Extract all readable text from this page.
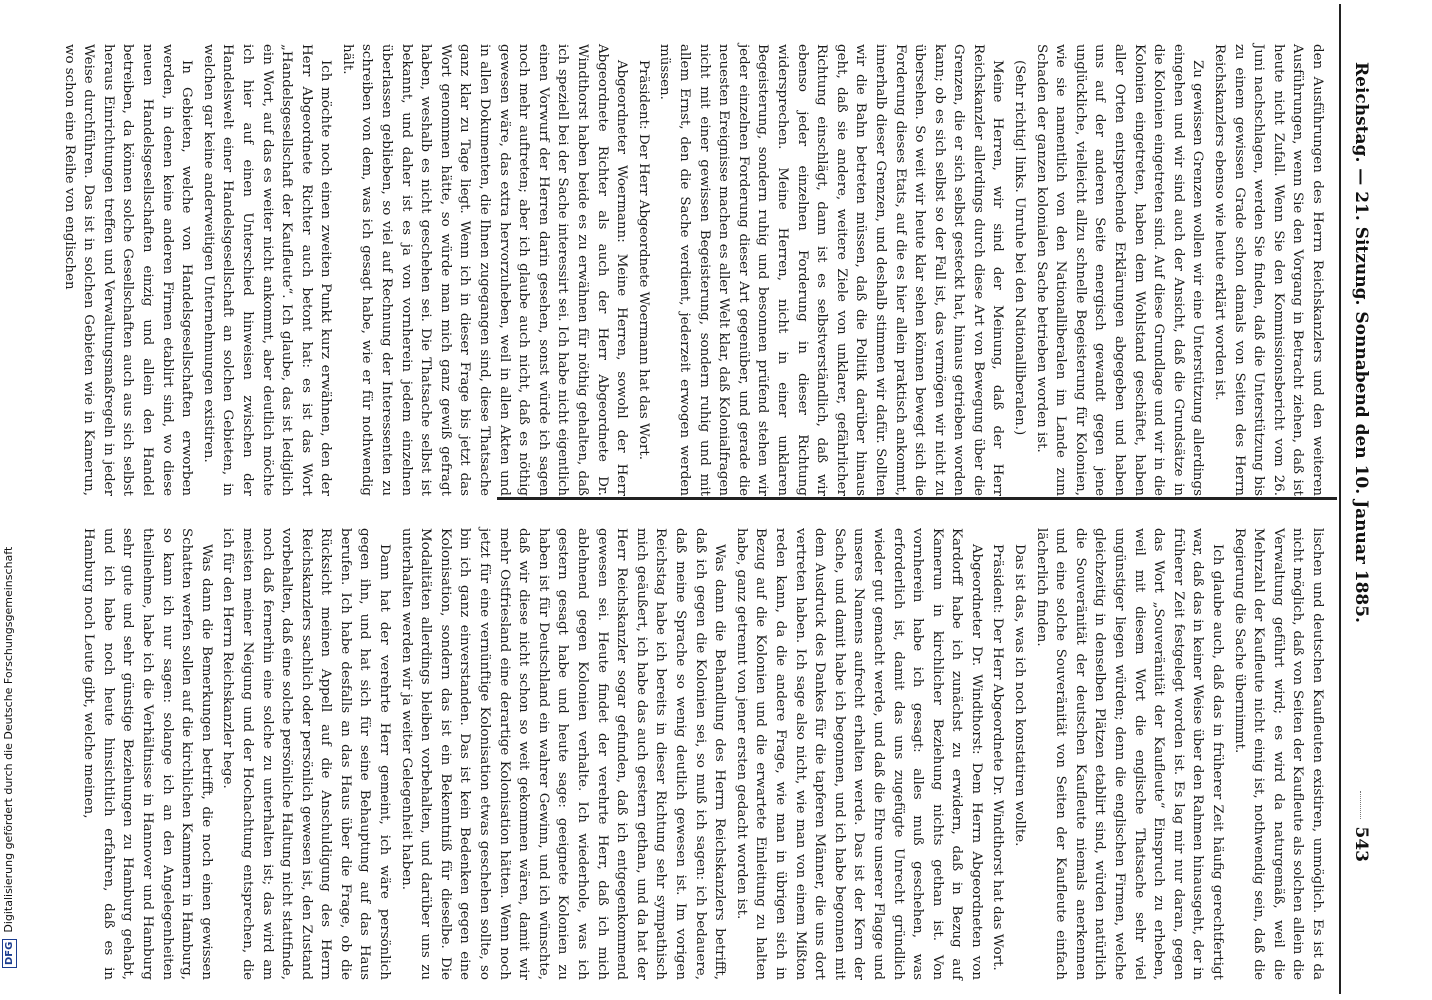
Reichstag. — 21. Sitzung. Sonnabend den 10. Januar 1885.
543

den Ausführungen des Herrn Reichskanzlers und den weiteren Ausführungen, wenn Sie den Vorgang in Betracht ziehen, daß ist heute nicht Zufall. Wenn Sie den Kommissionsbericht vom 26. Juni nachschlagen, werden Sie finden, daß die Unterstützung bis zu einem gewissen Grade schon damals von Seiten des Herrn Reichskanzlers ebenso wie heute erklärt worden ist.

Zu gewissen Grenzen wollen wir eine Unterstützung allerdings eingehen und wir sind auch der Ansicht, daß die Grundsätze in die Kolonien eingetreten sind. Auf diese Grundlage und wir in die Kolonien eingetreten, haben dem Wohlstand geschäftet, haben aller Orten entsprechende Erklärungen abgegeben und haben uns auf der anderen Seite energisch gewandt gegen jene unglückliche, vielleicht allzu schnelle Begeisterung für Kolonien, wie sie namentlich von den Nationalliberalen im Lande zum Schaden der ganzen kolonialen Sache betrieben worden ist.

(Sehr richtig! links. Unruhe bei den Nationalliberalen.)

Meine Herren, wir sind der Meinung, daß der Herr Reichskanzler allerdings durch diese Art von Bewegung über die Grenzen, die er sich selbst gesteckt hat, hinaus getrieben worden kann; ob es sich selbst so der Fall ist, das vermögen wir nicht zu übersehen. So weit wir heute klar sehen können bewegt sich die Forderung dieses Etats, auf die es hier allein praktisch ankommt, innerhalb dieser Grenzen, und deshalb stimmen wir dafür. Sollten wir die Bahn betreten müssen, daß die Politik darüber hinaus geht, daß sie andere, weitere Ziele von unklarer, gefährlicher Richtung einschlägt, dann ist es selbstverständlich, daß wir ebenso jeder einzelnen Forderung in dieser Richtung widersprechen. Meine Herren, nicht in einer unklaren Begeisterung, sondern ruhig und besonnen prüfend stehen wir jeder einzelnen Forderung dieser Art gegenüber, und gerade die neuesten Ereignisse machen es aller Welt klar, daß Kolonialfragen nicht mit einer gewissen Begeisterung, sondern ruhig und mit allem Ernst, den die Sache verdient, jederzeit erwogen werden müssen.

Präsident: Der Herr Abgeordnete Woermann hat das Wort.

Abgeordneter Woermann: Meine Herren, sowohl der Herr Abgeordnete Richter als auch der Herr Abgeordnete Dr. Windthorst haben beide es zu erwähnen für nöthig gehalten, daß ich speziell bei der Sache interessirt sei. Ich habe nicht eigentlich einen Vorwurf der Herren darin gesehen, sonst würde ich sagen noch mehr auftreten; aber ich glaube auch nicht, daß es nöthig gewesen wäre, das extra hervorzuheben, weil in allen Akten und in allen Dokumenten, die Ihnen zugegangen sind, diese Thatsache ganz klar zu Tage liegt. Wenn ich in dieser Frage bis jetzt das Wort genommen hätte, so würde man mich ganz gewiß gefragt haben, weshalb es nicht geschehen sei. Die Thatsache selbst ist bekannt, und daher ist es ja von vornherein jedem einzelnen überlassen geblieben, so viel auf Rechnung der Interessenten zu schreiben von dem, was ich gesagt habe, wie er für nothwendig hält.

Ich möchte noch einen zweiten Punkt kurz erwähnen, den der Herr Abgeordnete Richter auch betont hat: es ist das Wort „Handelsgesellschaft der Kaufleute“. Ich glaube, das ist lediglich ein Wort, auf das es weiter nicht ankommt, aber deutlich möchte ich hier auf einen Unterschied hinweisen zwischen der Handelswelt einer Handelsgesellschaft an solchen Gebieten, in welchen gar keine anderweitigen Unternehmungen existiren.

In Gebieten, welche von Handelsgesellschaften erworben werden, in denen keine anderen Firmen etablirt sind, wo diese neuen Handelsgesellschaften einzig und allein den Handel betreiben, da können solche Gesellschaften auch aus sich selbst heraus Einrichtungen treffen und Verwaltungsmaßregeln in jeder Weise durchführen. Das ist in solchen Gebieten wie in Kamerun, wo schon eine Reihe von englischen

lischen und deutschen Kaufleuten existiren, unmöglich. Es ist da nicht möglich, daß von Seiten der Kaufleute als solchen allein die Verwaltung geführt wird; es wird da naturgemäß, weil die Mehrzahl der Kaufleute nicht einig ist, nothwendig sein, daß die Regierung die Sache übernimmt.

Ich glaube auch, daß das in früherer Zeit häufig gerechtfertigt war, daß das in keiner Weise über den Rahmen hinausgeht, der in früherer Zeit festgelegt worden ist. Es lag mir nur daran, gegen das Wort „Souveränität der Kaufleute“ Einspruch zu erheben, weil mit diesem Wort die englische Thatsache sehr viel ungünstiger liegen würden; denn die englischen Firmen, welche gleichzeitig in denselben Plätzen etablirt sind, würden natürlich die Souveränität der deutschen Kaufleute niemals anerkennen und eine solche Souveränität von Seiten der Kaufleute einfach lächerlich finden.

Das ist das, was ich noch konstatiren wollte.

Präsident: Der Herr Abgeordnete Dr. Windthorst hat das Wort.

Abgeordneter Dr. Windthorst: Dem Herrn Abgeordneten von Kardorff habe ich zunächst zu erwidern, daß in Bezug auf Kamerun in kirchlicher Beziehung nichts gethan ist. Von vornherein habe ich gesagt: alles muß geschehen, was erforderlich ist, damit das uns zugefügte Unrecht gründlich wieder gut gemacht werde, und daß die Ehre unserer Flagge und unseres Namens aufrecht erhalten werde. Das ist der Kern der Sache, und damit habe ich begonnen, und ich habe begonnen mit dem Ausdruck des Dankes für die tapferen Männer, die uns dort vertreten haben. Ich sage also nicht, wie man von einem Mißton reden kann, da die andere Frage, wie man in übrigen sich in Bezug auf die Kolonien und die erwartete Einleitung zu halten habe, ganz getrennt von jener ersten gedacht worden ist.

Was dann die Behandlung des Herrn Reichskanzlers betrifft, daß ich gegen die Kolonien sei, so muß ich sagen: ich bedauere, daß meine Sprache so wenig deutlich gewesen ist. Im vorigen Reichstag habe ich bereits in dieser Richtung sehr sympathisch mich geäußert, ich habe das auch gestern gethan, und da hat der Herr Reichskanzler sogar gefunden, daß ich entgegenkommend gewesen sei. Heute findet der verehrte Herr, daß ich mich ablehnend gegen Kolonien verhalte. Ich wiederhole, was ich gestern gesagt habe und heute sage: geeignete Kolonien zu haben ist für Deutschland ein wahrer Gewinn, und ich wünschte, daß wir diese nicht schon so weit gekommen wären, damit wir mehr Ostfriesland eine derartige Kolonisation hätten. Wenn noch jetzt für eine vernünftige Kolonisation etwas geschehen sollte, so bin ich ganz einverstanden. Das ist kein Bedenken gegen eine Kolonisation, sondern das ist ein Bekenntniß für dieselbe. Die Modalitäten allerdings bleiben vorbehalten, und darüber uns zu unterhalten werden wir ja weiter Gelegenheit haben.

Dann hat der verehrte Herr gemeint, ich wäre persönlich gegen ihn, und hat sich für seine Behauptung auf das Haus berufen. Ich habe desfalls an das Haus über die Frage, ob die Rücksicht meinen Appell auf die Anschuldigung des Herrn Reichskanzlers sachlich oder persönlich gewesen ist, den Zustand vorbehalten, daß eine solche persönliche Haltung nicht stattfinde, noch daß fernerhin eine solche zu unterhalten ist; das wird am meisten meiner Neigung und der Hochachtung entsprechen, die ich für den Herrn Reichskanzler hege.

Was dann die Bemerkungen betrifft, die noch einen gewissen Schatten werfen sollen auf die kirchlichen Kammern in Hamburg, so kann ich nur sagen: solange ich an den Angelegenheiten theilnehme, habe ich die Verhältnisse in Hannover und Hamburg sehr gute und sehr günstige Beziehungen zu Hamburg gehabt, und ich habe noch heute hinsichtlich erfahren, daß es in Hamburg noch Leute gibt, welche meinen,

DFGDigitalisierung gefördert durch die Deutsche Forschungsgemeinschaft
